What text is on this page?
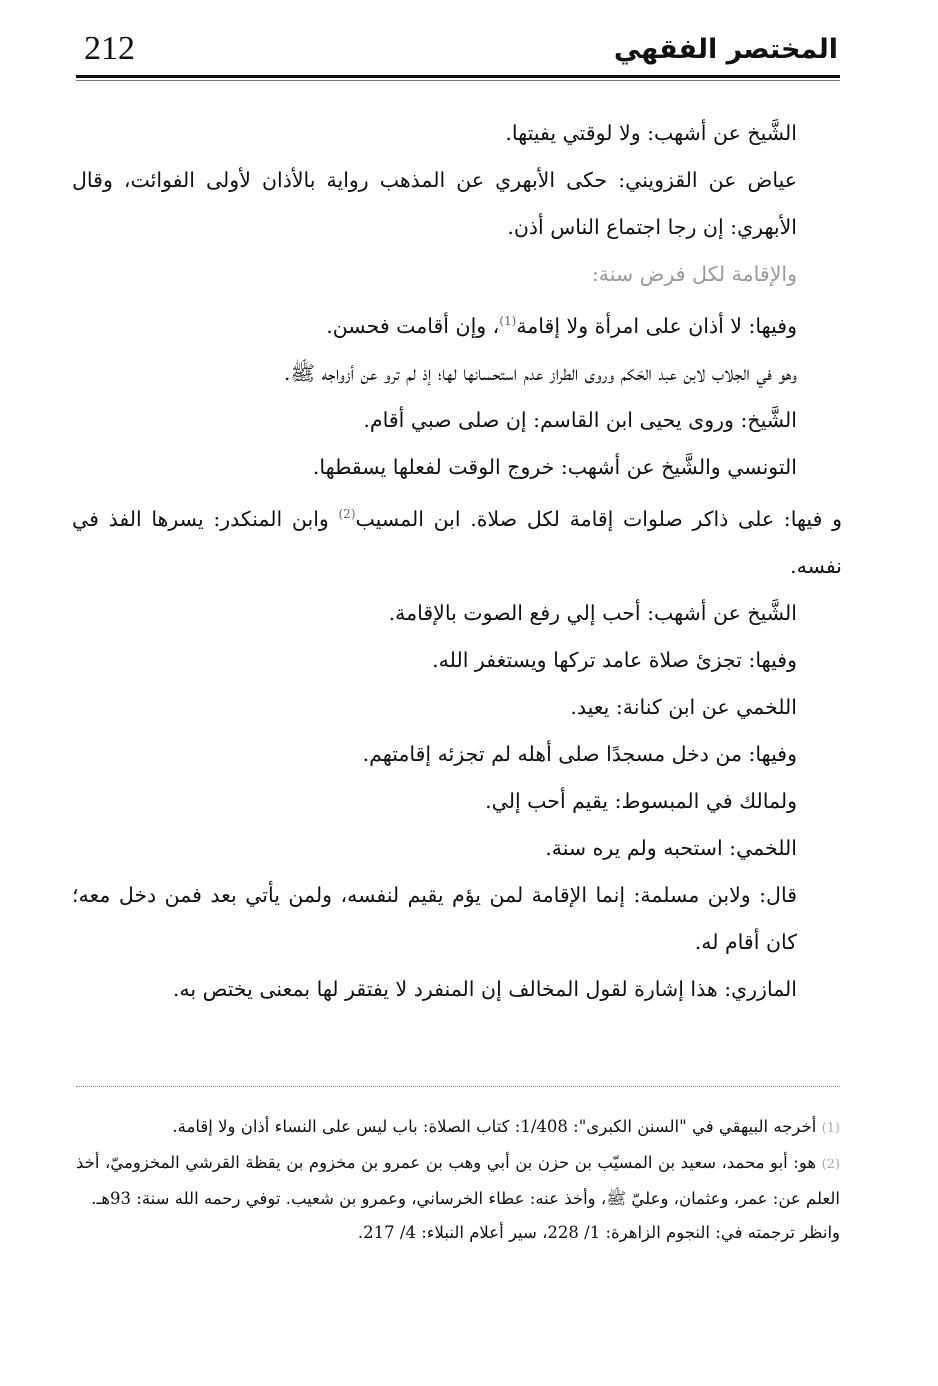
212	المختصر الفقهي

الشَّيخ عن أشهب: ولا لوقتي يفيتها.

عياض عن القزويني: حكى الأبهري عن المذهب رواية بالأذان لأولى الفوائت، وقال الأبهري: إن رجا اجتماع الناس أذن.

والإقامة لكل فرض سنة:

وفيها: لا أذان على امرأة ولا إقامة$^{(1)}$، وإن أقامت فحسن.

وهو في الجلاب لابن عبد الحَكم وروى الطراز عدم استحسانها لها؛ إذ لم ترو عن أزواجه ﷺ.

الشَّيخ: وروى يحيى ابن القاسم: إن صلى صبي أقام.

التونسي والشَّيخ عن أشهب: خروج الوقت لفعلها يسقطها.

و فيها: على ذاكر صلوات إقامة لكل صلاة. ابن المسيب$^{(2)}$ وابن المنكدر: يسرها الفذ في نفسه.

الشَّيخ عن أشهب: أحب إلي رفع الصوت بالإقامة.

وفيها: تجزئ صلاة عامد تركها ويستغفر الله.

اللخمي عن ابن كنانة: يعيد.

وفيها: من دخل مسجدًا صلى أهله لم تجزئه إقامتهم.

ولمالك في المبسوط: يقيم أحب إلي.

اللخمي: استحبه ولم يره سنة.

قال: ولابن مسلمة: إنما الإقامة لمن يؤم يقيم لنفسه، ولمن يأتي بعد فمن دخل معه؛ كان أقام له.

المازري: هذا إشارة لقول المخالف إن المنفرد لا يفتقر لها بمعنى يختص به.

(1) أخرجه البيهقي في "السنن الكبرى": 1/408: كتاب الصلاة: باب ليس على النساء أذان ولا إقامة.

(2) هو: أبو محمد، سعيد بن المسيّب بن حزن بن أبي وهب بن عمرو بن مخزوم بن يقظة القرشي المخزوميّ، أخذ العلم عن: عمر، وعثمان، وعليّ ﷺ، وأخذ عنه: عطاء الخرساني، وعمرو بن شعيب. توفي رحمه الله سنة: 93هـ.

وانظر ترجمته في: النجوم الزاهرة: 1/ 228، سير أعلام النبلاء: 4/ 217.
